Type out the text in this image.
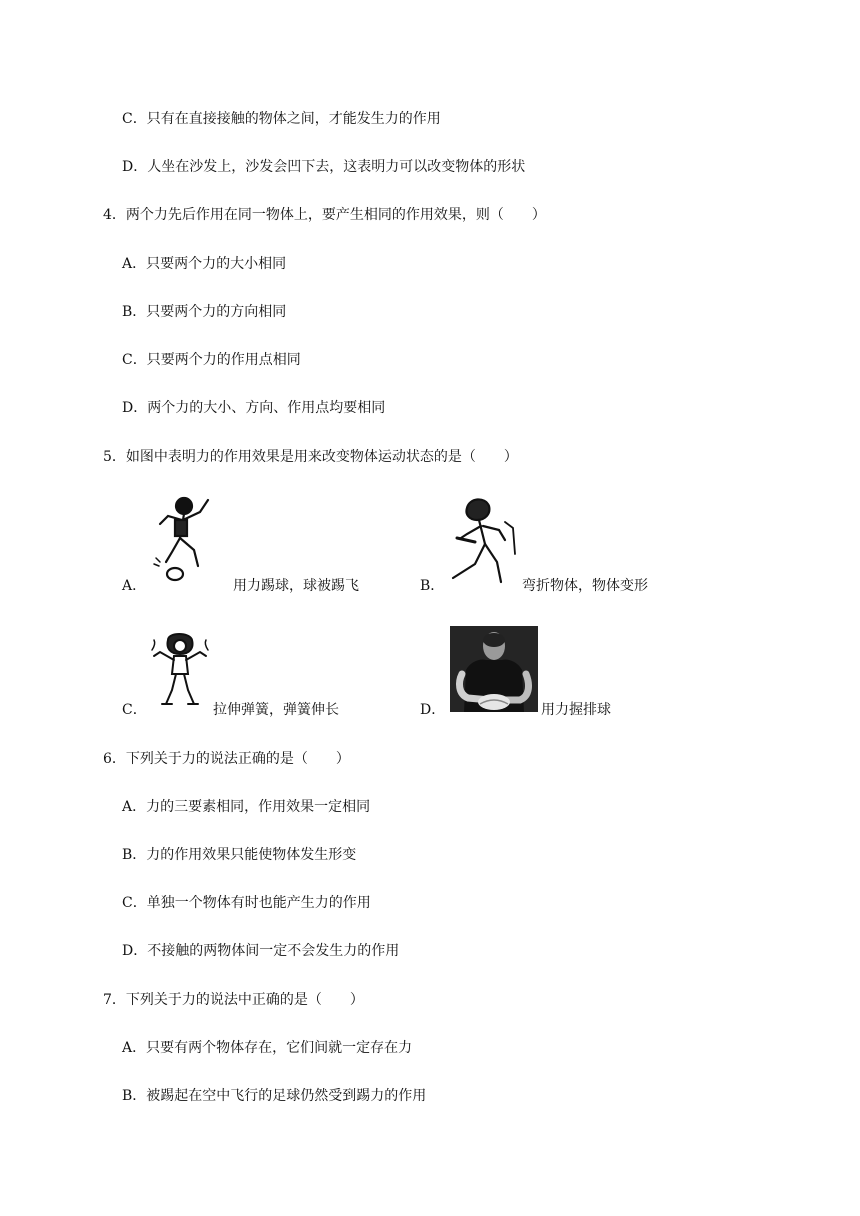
C．只有在直接接触的物体之间，才能发生力的作用
D．人坐在沙发上，沙发会凹下去，这表明力可以改变物体的形状
4．两个力先后作用在同一物体上，要产生相同的作用效果，则（　　）
A．只要两个力的大小相同
B．只要两个力的方向相同
C．只要两个力的作用点相同
D．两个力的大小、方向、作用点均要相同
5．如图中表明力的作用效果是用来改变物体运动状态的是（　　）
A．	用力踢球，球被踢飞	B．	弯折物体，物体变形
C．	拉伸弹簧，弹簧伸长	D．	用力握排球
6．下列关于力的说法正确的是（　　）
A．力的三要素相同，作用效果一定相同
B．力的作用效果只能使物体发生形变
C．单独一个物体有时也能产生力的作用
D．不接触的两物体间一定不会发生力的作用
7．下列关于力的说法中正确的是（　　）
A．只要有两个物体存在，它们间就一定存在力
B．被踢起在空中飞行的足球仍然受到踢力的作用
